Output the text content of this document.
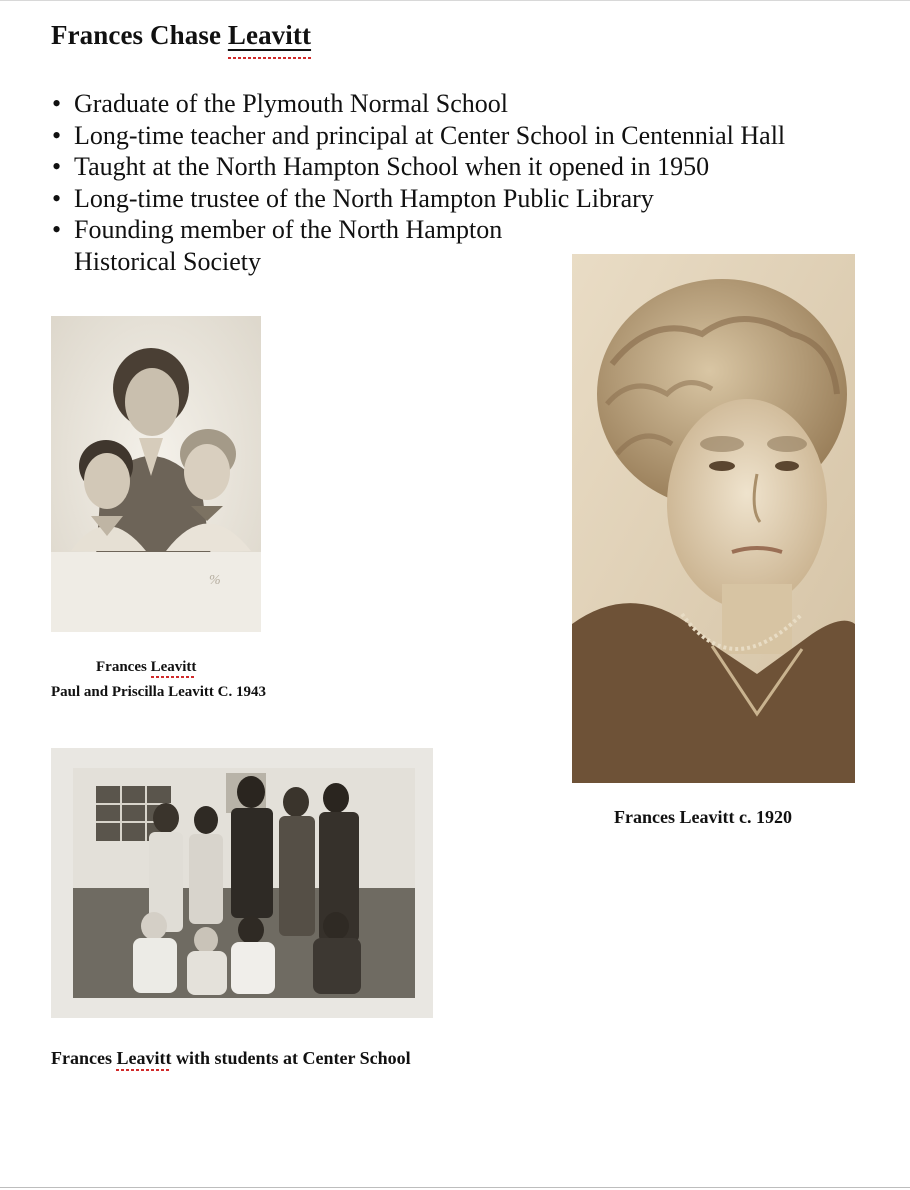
Frances Chase Leavitt
• Graduate of the Plymouth Normal School
• Long-time teacher and principal at Center School in Centennial Hall
• Taught at the North Hampton School when it opened in 1950
• Long-time trustee of the North Hampton Public Library
• Founding member of the North Hampton
Historical Society
%
Frances Leavitt
Paul and Priscilla Leavitt C. 1943
Frances Leavitt c. 1920
Frances Leavitt with students at Center School
